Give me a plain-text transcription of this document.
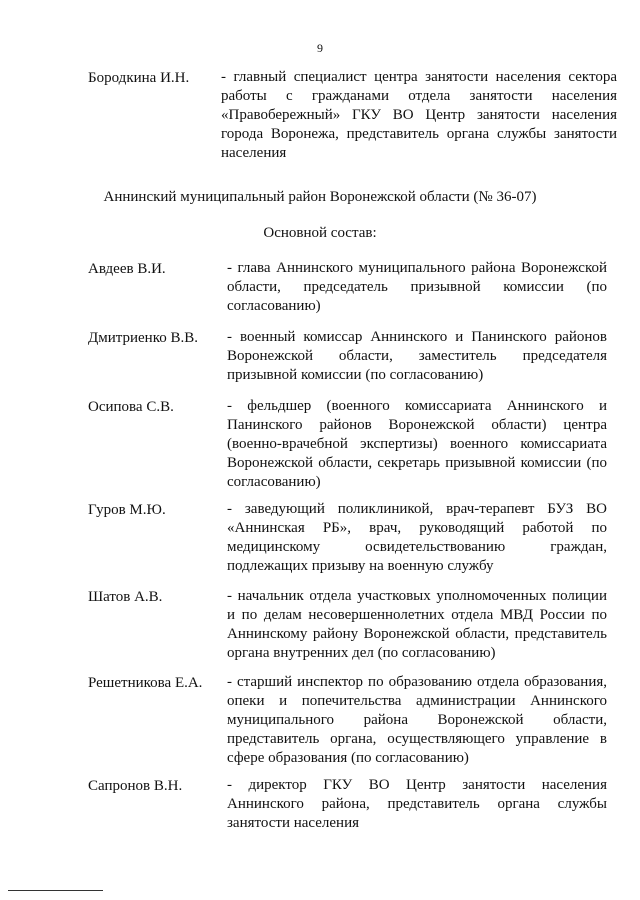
9
Бородкина И.Н. - главный специалист центра занятости населения сектора работы с гражданами отдела занятости населения «Правобережный» ГКУ ВО Центр занятости населения города Воронежа, представитель органа службы занятости населения
Аннинский муниципальный район Воронежской области (№ 36-07)
Основной состав:
Авдеев В.И.	- глава Аннинского муниципального района Воронежской области, председатель призывной комиссии (по согласованию)
Дмитриенко В.В. - военный комиссар Аннинского и Панинского районов Воронежской области, заместитель председателя призывной комиссии (по согласованию)
Осипова С.В.	- фельдшер (военного комиссариата Аннинского и Панинского районов Воронежской области) центра (военно-врачебной экспертизы) военного комиссариата Воронежской области, секретарь призывной комиссии (по согласованию)
Гуров М.Ю.	- заведующий поликлиникой, врач-терапевт БУЗ ВО «Аннинская РБ», врач, руководящий работой по медицинскому освидетельствованию граждан, подлежащих призыву на военную службу
Шатов А.В.	- начальник отдела участковых уполномоченных полиции и по делам несовершеннолетних отдела МВД России по Аннинскому району Воронежской области, представитель органа внутренних дел (по согласованию)
Решетникова Е.А. - старший инспектор по образованию отдела образования, опеки и попечительства администрации Аннинского муниципального района Воронежской области, представитель органа, осуществляющего управление в сфере образования (по согласованию)
Сапронов В.Н.	- директор ГКУ ВО Центр занятости населения Аннинского района, представитель органа службы занятости населения
